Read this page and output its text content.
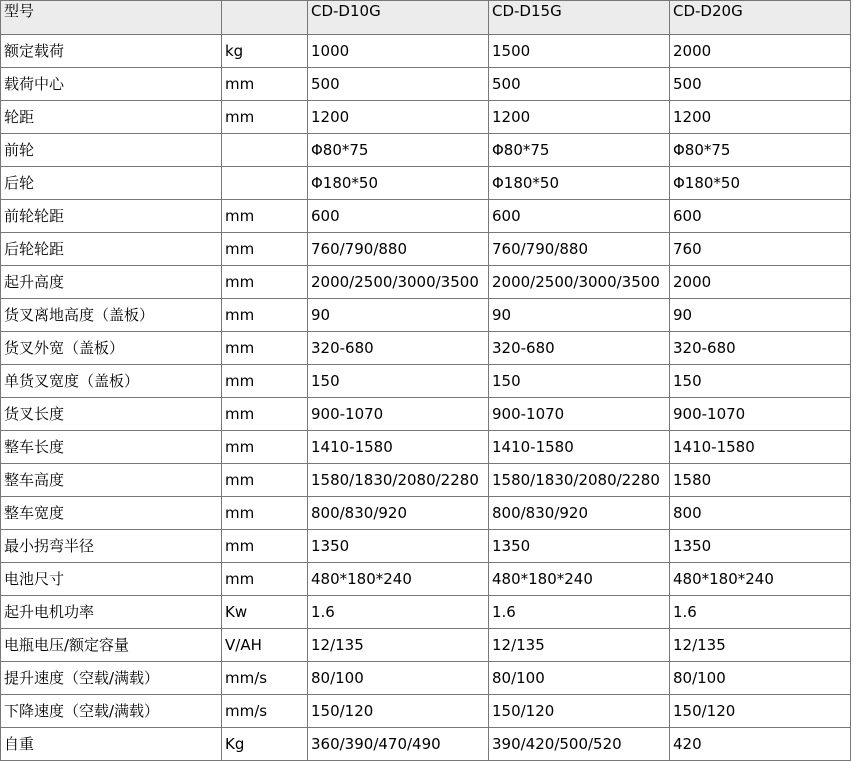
型号		CD-D10G	CD-D15G	CD-D20G
额定载荷	kg	1000	1500	2000
载荷中心	mm	500	500	500
轮距	mm	1200	1200	1200
前轮		Φ80*75	Φ80*75	Φ80*75
后轮		Φ180*50	Φ180*50	Φ180*50
前轮轮距	mm	600	600	600
后轮轮距	mm	760/790/880	760/790/880	760
起升高度	mm	2000/2500/3000/3500	2000/2500/3000/3500	2000
货叉离地高度（盖板）	mm	90	90	90
货叉外宽（盖板）	mm	320-680	320-680	320-680
单货叉宽度（盖板）	mm	150	150	150
货叉长度	mm	900-1070	900-1070	900-1070
整车长度	mm	1410-1580	1410-1580	1410-1580
整车高度	mm	1580/1830/2080/2280	1580/1830/2080/2280	1580
整车宽度	mm	800/830/920	800/830/920	800
最小拐弯半径	mm	1350	1350	1350
电池尺寸	mm	480*180*240	480*180*240	480*180*240
起升电机功率	Kw	1.6	1.6	1.6
电瓶电压/额定容量	V/AH	12/135	12/135	12/135
提升速度（空载/满载）	mm/s	80/100	80/100	80/100
下降速度（空载/满载）	mm/s	150/120	150/120	150/120
自重	Kg	360/390/470/490	390/420/500/520	420
